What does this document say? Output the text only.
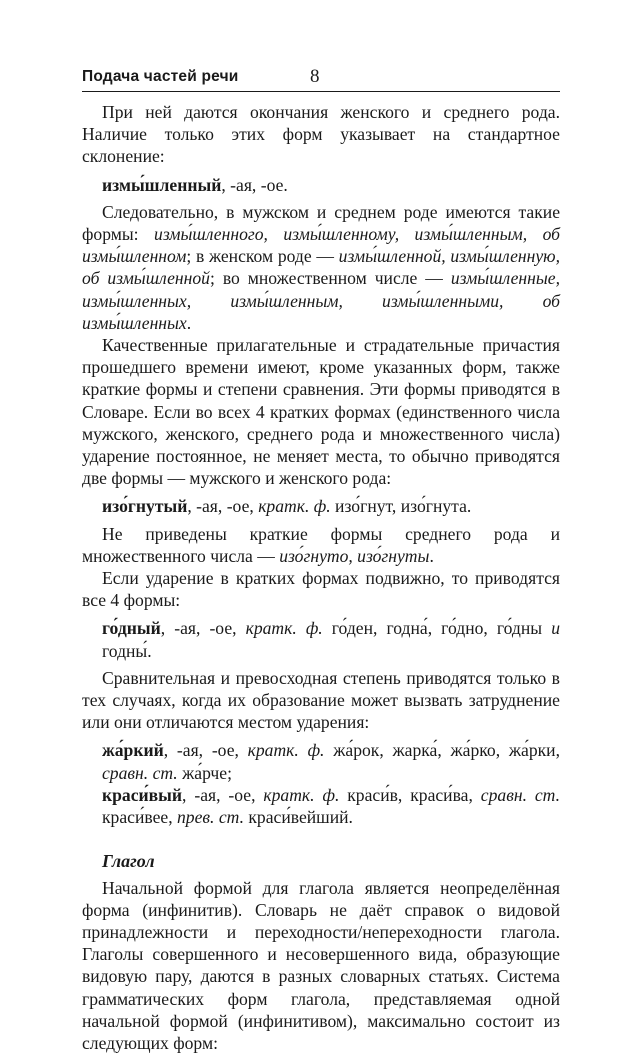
Подача частей речи	8

При ней даются окончания женского и среднего рода. Наличие только этих форм указывает на стандартное склонение:

измы́шленный, -ая, -ое.

Следовательно, в мужском и среднем роде имеются такие формы: измы́шленного, измы́шленному, измы́шленным, об измы́шленном; в женском роде — измы́шленной, измы́шленную, об измы́шленной; во множественном числе — измы́шленные, измы́шленных, измы́шленным, измы́шленными, об измы́шленных.

Качественные прилагательные и страдательные причастия прошедшего времени имеют, кроме указанных форм, также краткие формы и степени сравнения. Эти формы приводятся в Словаре. Если во всех 4 кратких формах (единственного числа мужского, женского, среднего рода и множественного числа) ударение постоянное, не меняет места, то обычно приводятся две формы — мужского и женского рода:

изо́гнутый, -ая, -ое, кратк. ф. изо́гнут, изо́гнута.

Не приведены краткие формы среднего рода и множественного числа — изо́гнуто, изо́гнуты.

Если ударение в кратких формах подвижно, то приводятся все 4 формы:

го́дный, -ая, -ое, кратк. ф. го́ден, годна́, го́дно, го́дны и годны́.

Сравнительная и превосходная степень приводятся только в тех случаях, когда их образование может вызвать затруднение или они отличаются местом ударения:

жа́ркий, -ая, -ое, кратк. ф. жа́рок, жарка́, жа́рко, жа́рки, сравн. ст. жа́рче;

краси́вый, -ая, -ое, кратк. ф. краси́в, краси́ва, сравн. ст. краси́вее, прев. ст. краси́вейший.

Глагол

Начальной формой для глагола является неопределённая форма (инфинитив). Словарь не даёт справок о видовой принадлежности и переходности/непереходности глагола. Глаголы совершенного и несовершенного вида, образующие видовую пару, даются в разных словарных статьях. Система грамматических форм глагола, представляемая одной начальной формой (инфинитивом), максимально состоит из следующих форм:
